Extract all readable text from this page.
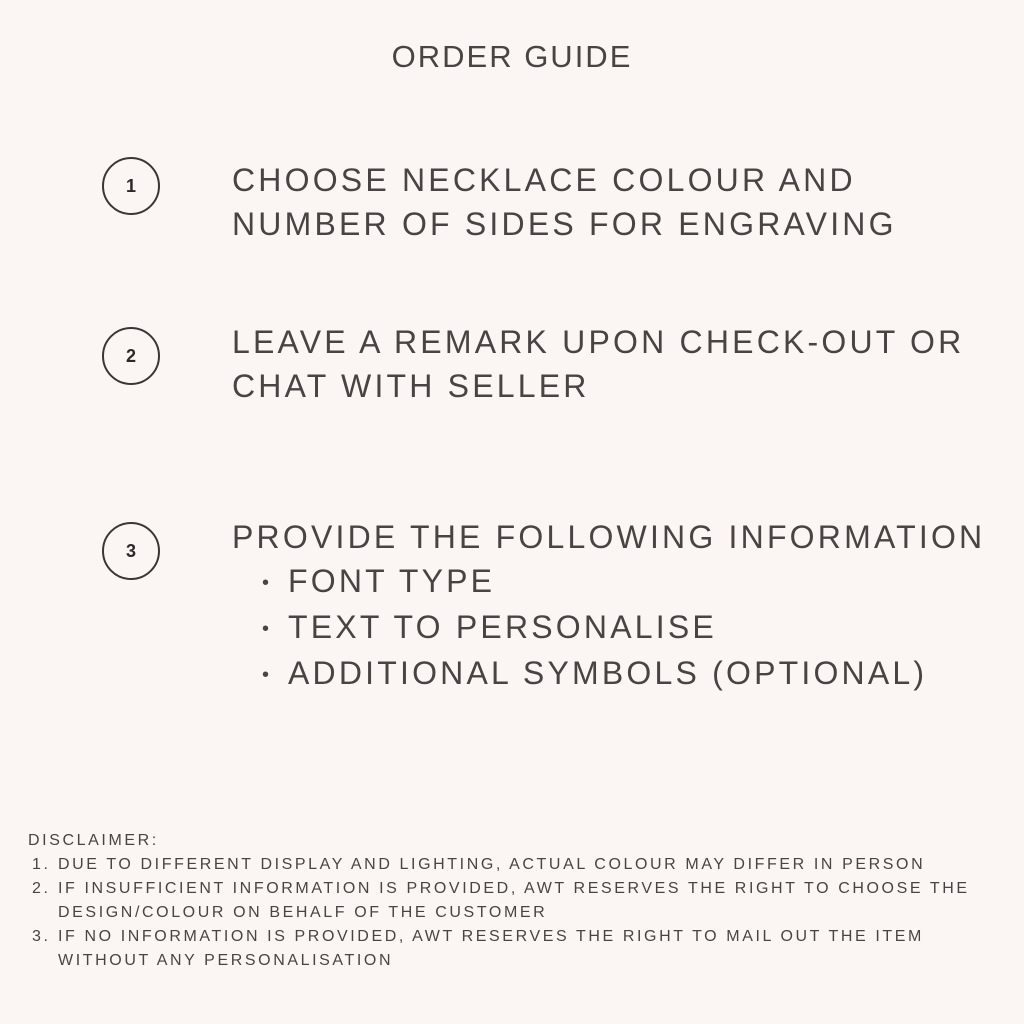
ORDER GUIDE
1	CHOOSE NECKLACE COLOUR AND
NUMBER OF SIDES FOR ENGRAVING

2	LEAVE A REMARK UPON CHECK-OUT OR
CHAT WITH SELLER

3	PROVIDE THE FOLLOWING INFORMATION
• FONT TYPE
• TEXT TO PERSONALISE
• ADDITIONAL SYMBOLS (OPTIONAL)
DISCLAIMER:
1. DUE TO DIFFERENT DISPLAY AND LIGHTING, ACTUAL COLOUR MAY DIFFER IN PERSON
2. IF INSUFFICIENT INFORMATION IS PROVIDED, AWT RESERVES THE RIGHT TO CHOOSE THE
DESIGN/COLOUR ON BEHALF OF THE CUSTOMER
3. IF NO INFORMATION IS PROVIDED, AWT RESERVES THE RIGHT TO MAIL OUT THE ITEM
WITHOUT ANY PERSONALISATION
